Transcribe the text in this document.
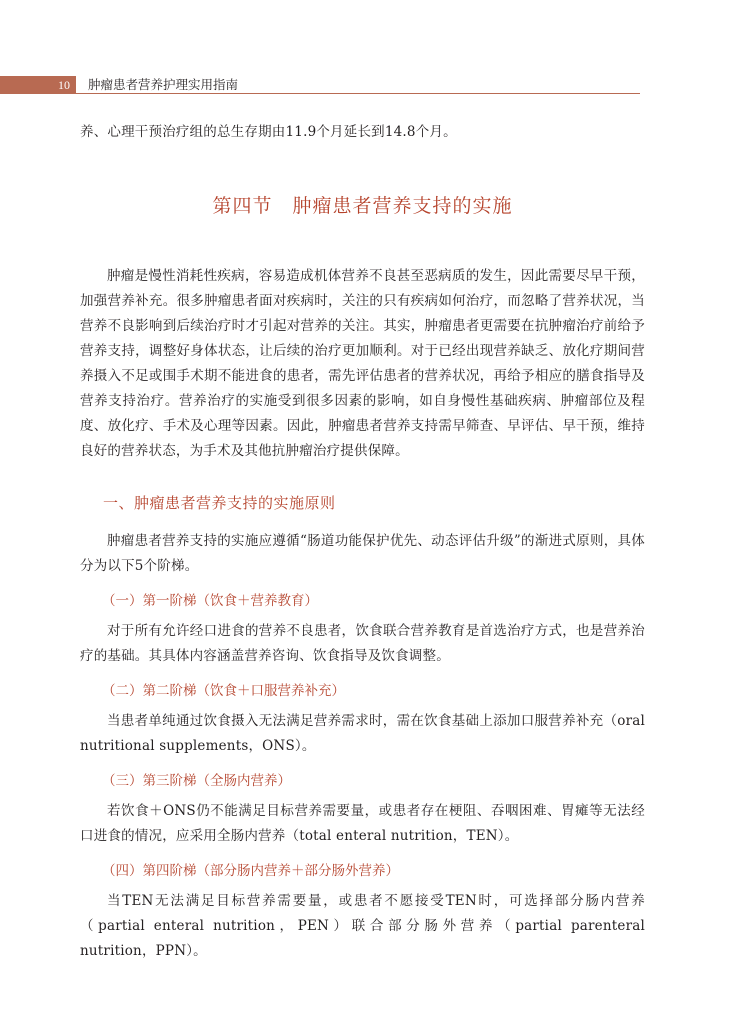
10	肿瘤患者营养护理实用指南

养、心理干预治疗组的总生存期由11.9个月延长到14.8个月。

第四节　肿瘤患者营养支持的实施

肿瘤是慢性消耗性疾病，容易造成机体营养不良甚至恶病质的发生，因此需要尽早干预，加强营养补充。很多肿瘤患者面对疾病时，关注的只有疾病如何治疗，而忽略了营养状况，当营养不良影响到后续治疗时才引起对营养的关注。其实，肿瘤患者更需要在抗肿瘤治疗前给予营养支持，调整好身体状态，让后续的治疗更加顺利。对于已经出现营养缺乏、放化疗期间营养摄入不足或围手术期不能进食的患者，需先评估患者的营养状况，再给予相应的膳食指导及营养支持治疗。营养治疗的实施受到很多因素的影响，如自身慢性基础疾病、肿瘤部位及程度、放化疗、手术及心理等因素。因此，肿瘤患者营养支持需早筛查、早评估、早干预，维持良好的营养状态，为手术及其他抗肿瘤治疗提供保障。

一、肿瘤患者营养支持的实施原则

肿瘤患者营养支持的实施应遵循“肠道功能保护优先、动态评估升级”的渐进式原则，具体分为以下5个阶梯。

（一）第一阶梯（饮食＋营养教育）

对于所有允许经口进食的营养不良患者，饮食联合营养教育是首选治疗方式，也是营养治疗的基础。其具体内容涵盖营养咨询、饮食指导及饮食调整。

（二）第二阶梯（饮食＋口服营养补充）

当患者单纯通过饮食摄入无法满足营养需求时，需在饮食基础上添加口服营养补充（oral nutritional supplements，ONS）。

（三）第三阶梯（全肠内营养）

若饮食＋ONS仍不能满足目标营养需要量，或患者存在梗阻、吞咽困难、胃瘫等无法经口进食的情况，应采用全肠内营养（total enteral nutrition，TEN）。

（四）第四阶梯（部分肠内营养＋部分肠外营养）

当TEN无法满足目标营养需要量，或患者不愿接受TEN时，可选择部分肠内营养（partial enteral nutrition，PEN）联合部分肠外营养（partial parenteral nutrition，PPN）。
